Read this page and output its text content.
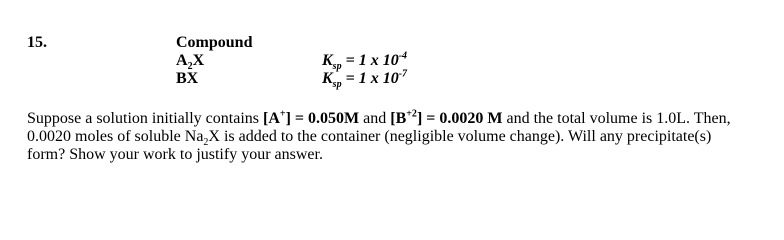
15.	Compound
$A_2X$	$K_{sp} = 1$ x $10^{-4}$
BX	$K_{sp} = 1$ x $10^{-7}$
Suppose a solution initially contains [A+] = 0.050M and $[B^{+2}] = 0.0020$ M and the total volume is 1.0L. Then,
0.0020 moles of soluble $Na_2X$ is added to the container (negligible volume change). Will any precipitate(s)
form? Show your work to justify your answer.
